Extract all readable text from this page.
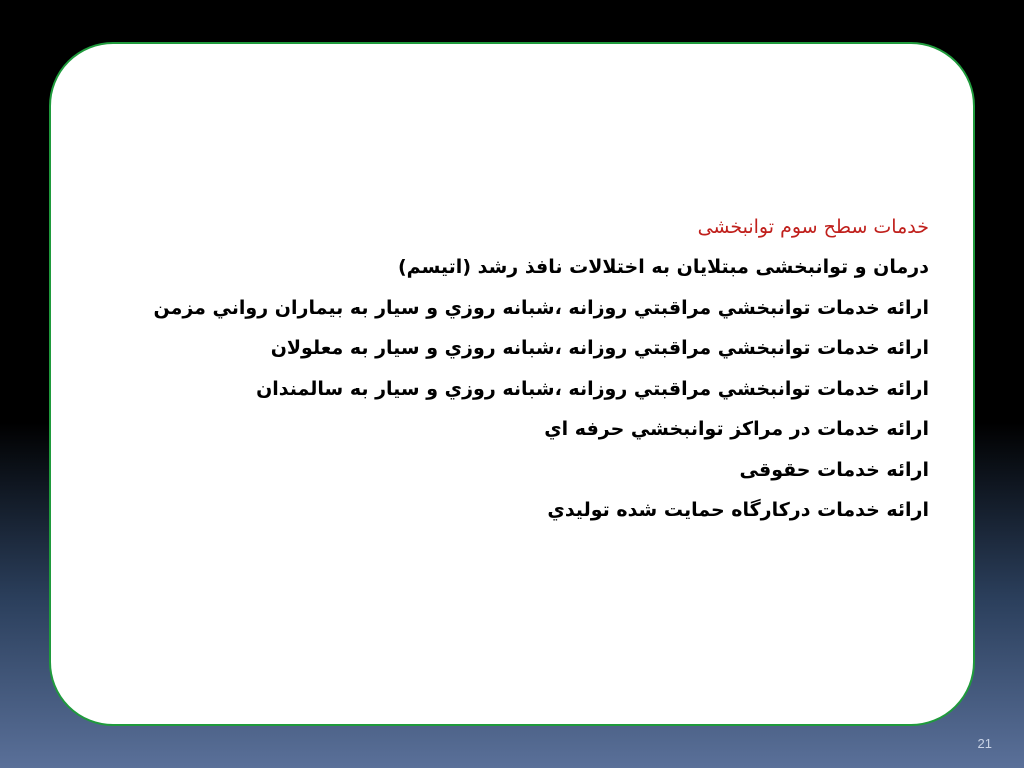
خدمات سطح سوم توانبخشی
درمان و توانبخشی مبتلایان به اختلالات نافذ رشد (اتیسم)
ارائه خدمات توانبخشي مراقبتي روزانه ،شبانه روزي و سيار به بيماران رواني مزمن
ارائه خدمات توانبخشي مراقبتي روزانه ،شبانه روزي و سيار به معلولان
ارائه خدمات توانبخشي مراقبتي روزانه ،شبانه روزي و سيار به سالمندان
ارائه خدمات در مراكز توانبخشي حرفه اي
ارائه خدمات حقوقی
ارائه خدمات دركارگاه حمايت شده توليدي
21
